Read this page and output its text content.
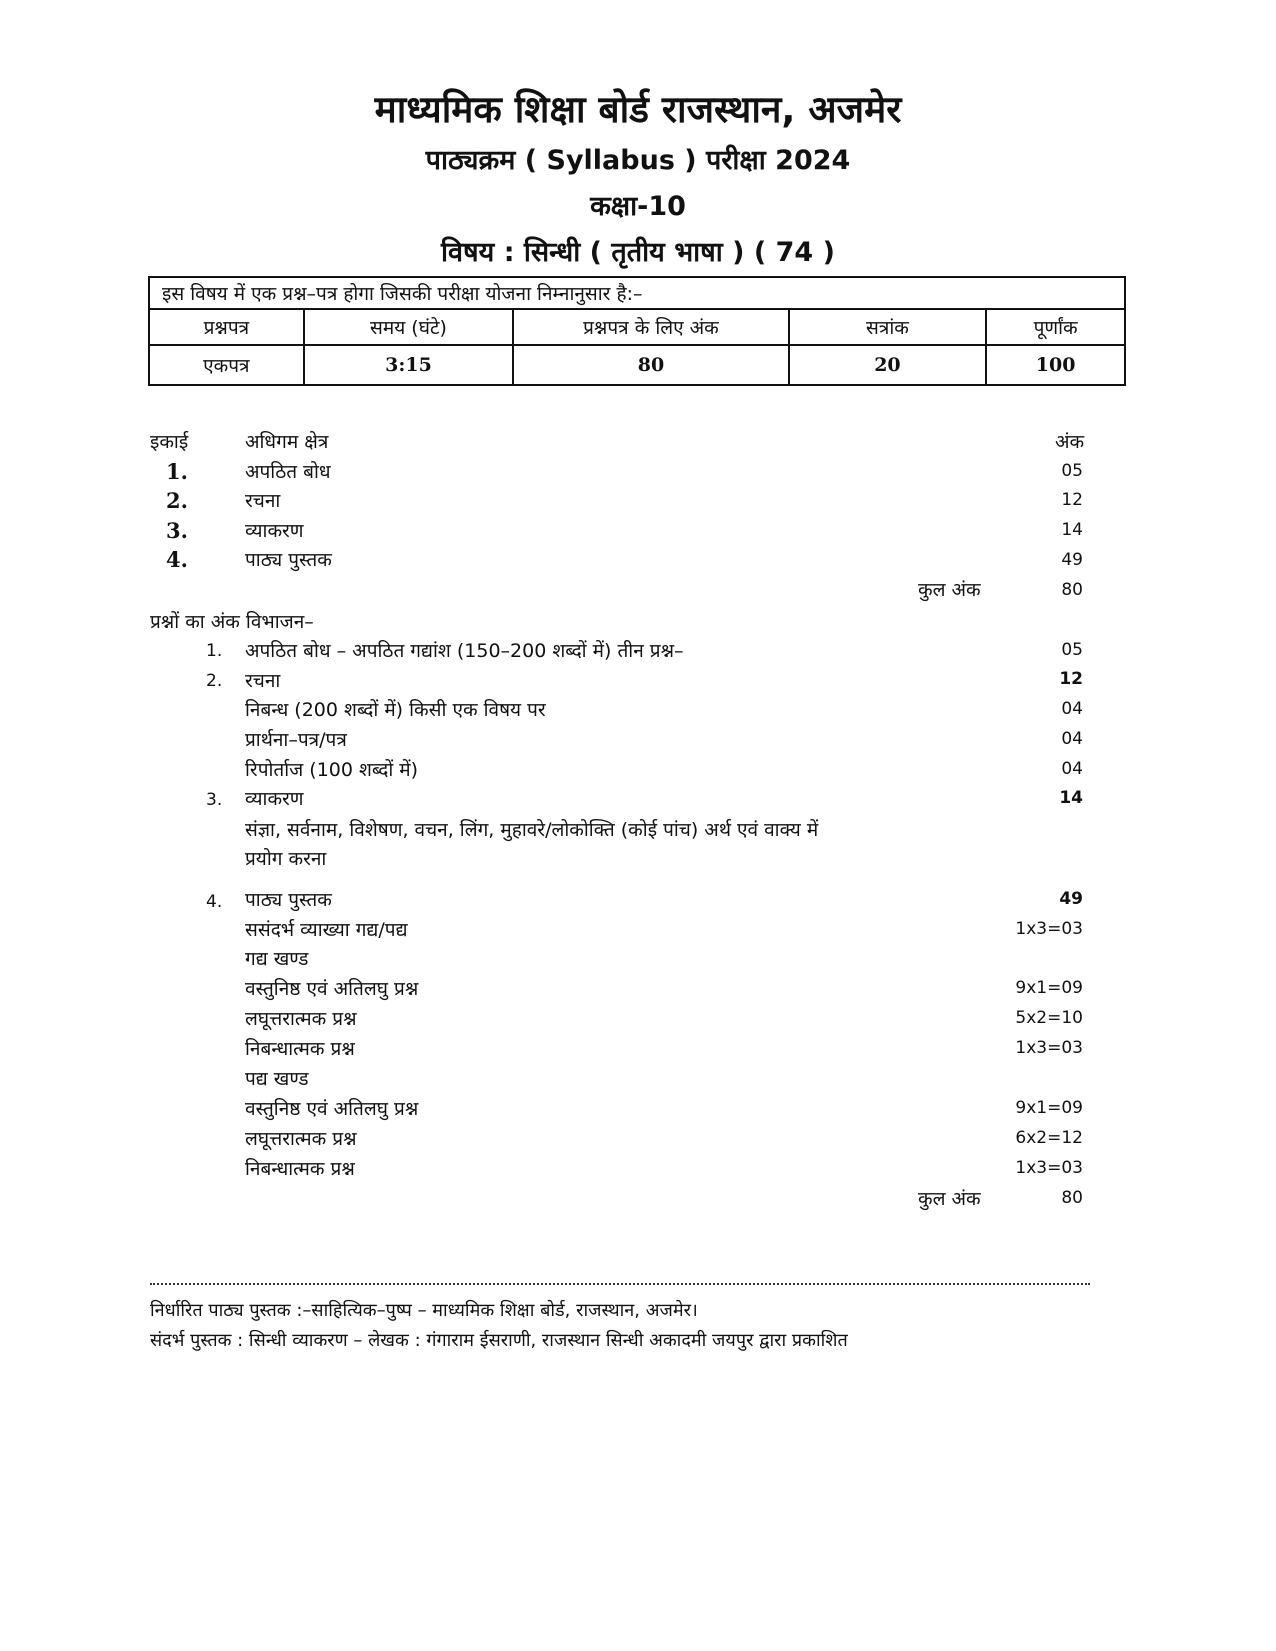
माध्यमिक शिक्षा बोर्ड राजस्थान, अजमेर
पाठ्यक्रम ( Syllabus ) परीक्षा 2024
कक्षा-10
विषय : सिन्धी ( तृतीय भाषा ) ( 74 )
इस विषय में एक प्रश्न–पत्र होगा जिसकी परीक्षा योजना निम्नानुसार है:–				
प्रश्नपत्र	समय (घंटे)	प्रश्नपत्र के लिए अंक	सत्रांक	पूर्णांक
एकपत्र	3:15	80	20	100
इकाई	अधिगम क्षेत्र	अंक
1.	अपठित बोध	05
2.	रचना	12
3.	व्याकरण	14
4.	पाठ्य पुस्तक	49
कुल अंक	80
प्रश्नों का अंक विभाजन–
1. अपठित बोध – अपठित गद्यांश (150–200 शब्दों में) तीन प्रश्न–	05
2. रचना	12
निबन्ध (200 शब्दों में) किसी एक विषय पर	04
प्रार्थना–पत्र/पत्र	04
रिपोर्ताज (100 शब्दों में)	04
3. व्याकरण	14
संज्ञा, सर्वनाम, विशेषण, वचन, लिंग, मुहावरे/लोकोक्ति (कोई पांच) अर्थ एवं वाक्य में
प्रयोग करना
4. पाठ्य पुस्तक	49
ससंदर्भ व्याख्या गद्य/पद्य	1x3=03
गद्य खण्ड
वस्तुनिष्ठ एवं अतिलघु प्रश्न	9x1=09
लघूत्तरात्मक प्रश्न	5x2=10
निबन्धात्मक प्रश्न	1x3=03
पद्य खण्ड
वस्तुनिष्ठ एवं अतिलघु प्रश्न	9x1=09
लघूत्तरात्मक प्रश्न	6x2=12
निबन्धात्मक प्रश्न	1x3=03
कुल अंक	80
निर्धारित पाठ्य पुस्तक :–साहित्यिक–पुष्प – माध्यमिक शिक्षा बोर्ड, राजस्थान, अजमेर।
संदर्भ पुस्तक : सिन्धी व्याकरण – लेखक : गंगाराम ईसराणी, राजस्थान सिन्धी अकादमी जयपुर द्वारा प्रकाशित
